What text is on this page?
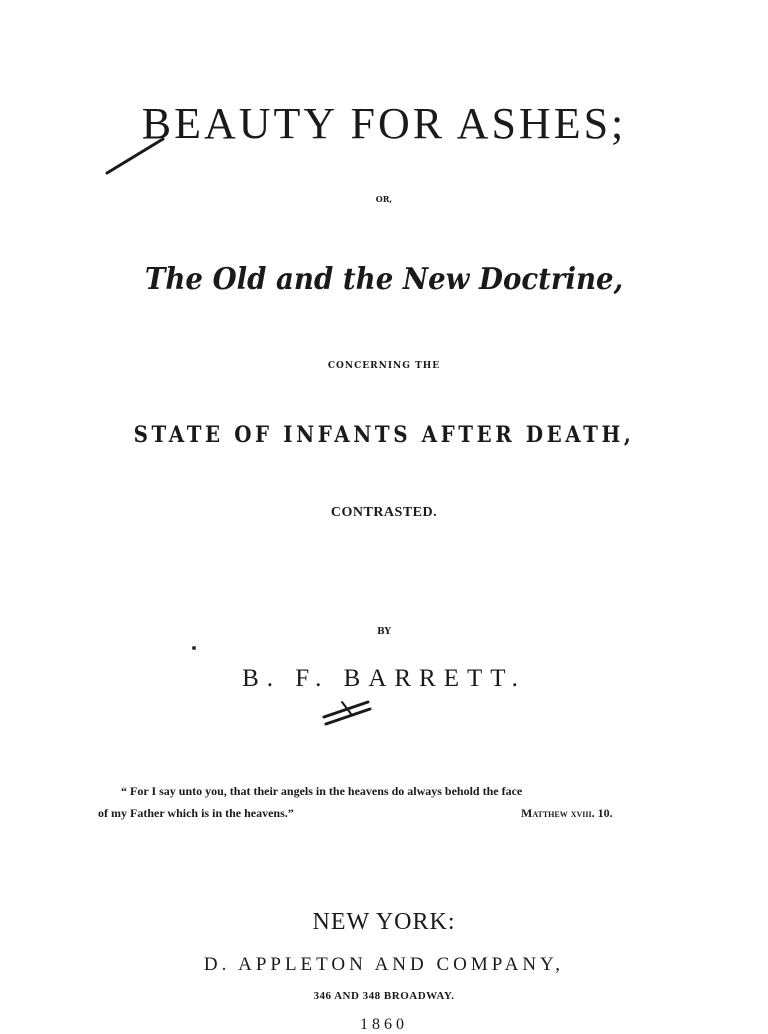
BEAUTY FOR ASHES;
OR,
The Old and the New Doctrine,
CONCERNING THE
STATE OF INFANTS AFTER DEATH,
CONTRASTED.
BY
B. F. BARRETT.
“ For I say unto you, that their angels in the heavens do always behold the face
of my Father which is in the heavens.”	Matthew xviii. 10.
NEW YORK:
D. APPLETON AND COMPANY,
346 AND 348 BROADWAY.
1860
